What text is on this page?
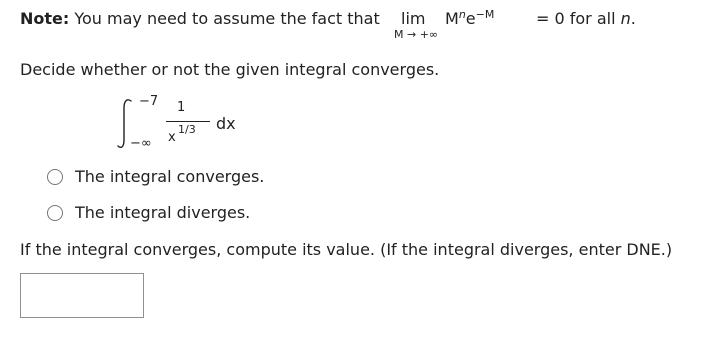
Note: You may need to assume the fact that lim
M → +∞
$M^ne^{-M}$	= 0 for all n.
Decide whether or not the given integral converges.
−7
−∞
1
x
1/3 dx
The integral converges.
The integral diverges.
If the integral converges, compute its value. (If the integral diverges, enter DNE.)
